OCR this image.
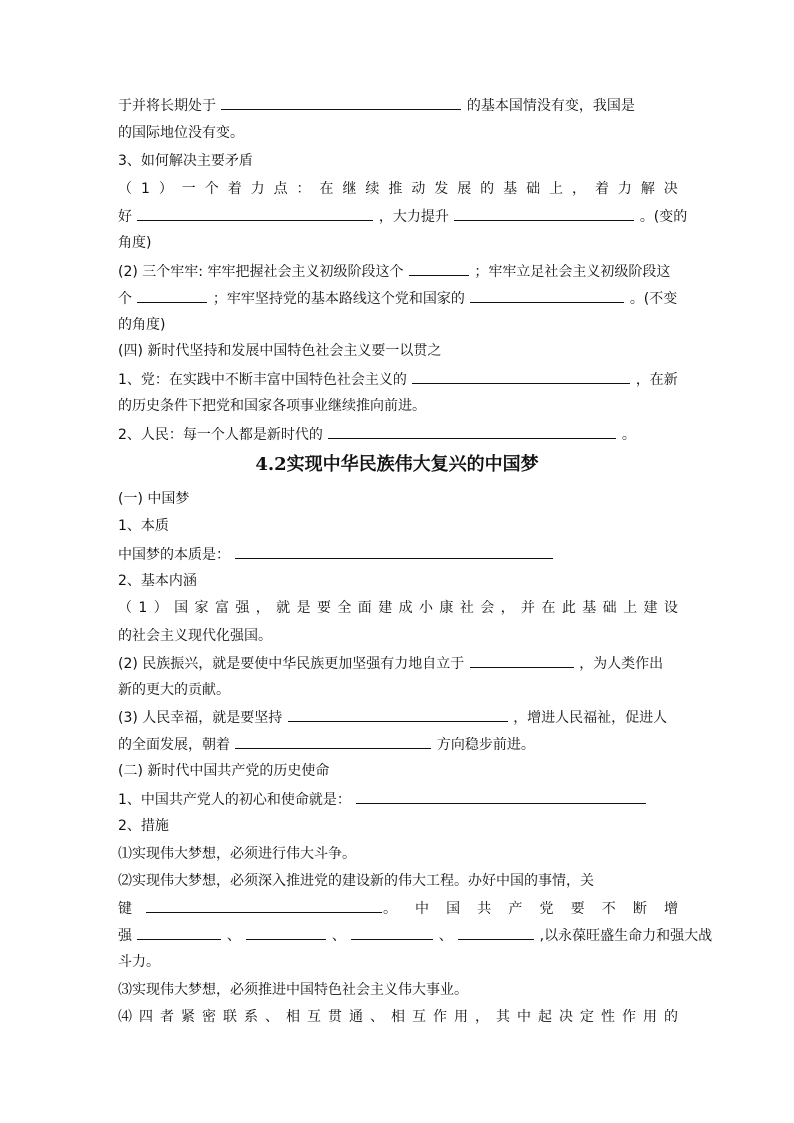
于并将长期处于	的基本国情没有变，我国是
的国际地位没有变。
3、如何解决主要矛盾
（ 1 ） 一 个 着 力 点 ： 在 继 续 推 动 发 展 的 基 础 上 ， 着 力 解 决
好	，大力提升	。(变的
角度)
(2) 三个牢牢: 牢牢把握社会主义初级阶段这个	；牢牢立足社会主义初级阶段这
个	；牢牢坚持党的基本路线这个党和国家的	。(不变
的角度)
(四) 新时代坚持和发展中国特色社会主义要一以贯之
1、党：在实践中不断丰富中国特色社会主义的	，在新
的历史条件下把党和国家各项事业继续推向前进。
2、人民：每一个人都是新时代的	。
4.2实现中华民族伟大复兴的中国梦
(一) 中国梦
1、本质
中国梦的本质是：
2、基本内涵
（ 1 ） 国 家 富 强 ， 就 是 要 全 面 建 成 小 康 社 会 ， 并 在 此 基 础 上 建 设
的社会主义现代化强国。
(2) 民族振兴，就是要使中华民族更加坚强有力地自立于	，为人类作出
新的更大的贡献。
(3) 人民幸福，就是要坚持	，增进人民福祉，促进人
的全面发展，朝着	方向稳步前进。
(二) 新时代中国共产党的历史使命
1、中国共产党人的初心和使命就是：
2、措施
⑴实现伟大梦想，必须进行伟大斗争。
⑵实现伟大梦想，必须深入推进党的建设新的伟大工程。办好中国的事情，关
键	。 中 国 共 产 党 要 不 断 增
强	、	、	、	,以永葆旺盛生命力和强大战
斗力。
⑶实现伟大梦想，必须推进中国特色社会主义伟大事业。
⑷ 四 者 紧 密 联 系 、 相 互 贯 通 、 相 互 作 用 ， 其 中 起 决 定 性 作 用 的
